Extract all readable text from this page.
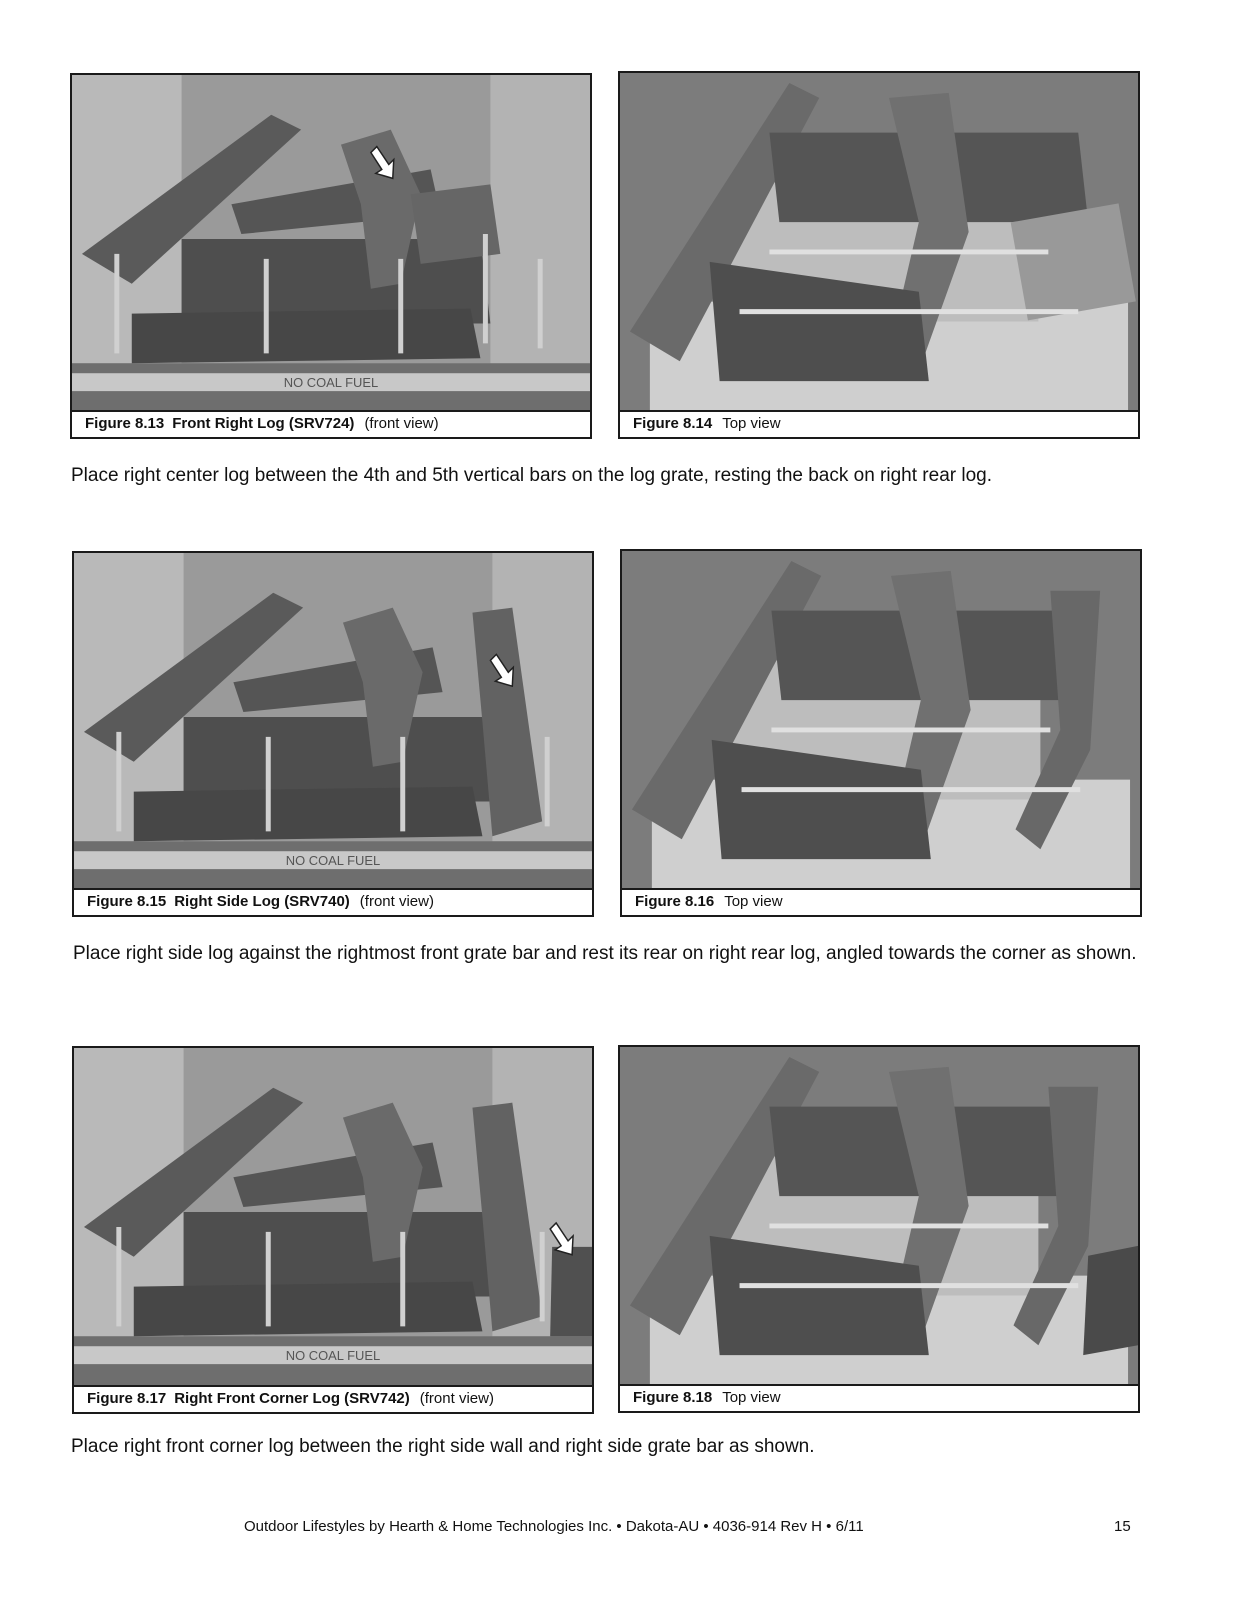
NO COAL FUEL
Figure 8.13 Front Right Log (SRV724) (front view)	Figure 8.14 Top view
Place right center log between the 4th and 5th vertical bars on the log grate, resting the back on right rear log.
NO COAL FUEL
Figure 8.15 Right Side Log (SRV740) (front view)	Figure 8.16 Top view
Place right side log against the rightmost front grate bar and rest its rear on right rear log, angled towards the corner as shown.
NO COAL FUEL
Figure 8.17 Right Front Corner Log (SRV742) (front view)	Figure 8.18 Top view
Place right front corner log between the right side wall and right side grate bar as shown.
Outdoor Lifestyles by Hearth & Home Technologies Inc. • Dakota-AU • 4036-914 Rev H • 6/11	15
